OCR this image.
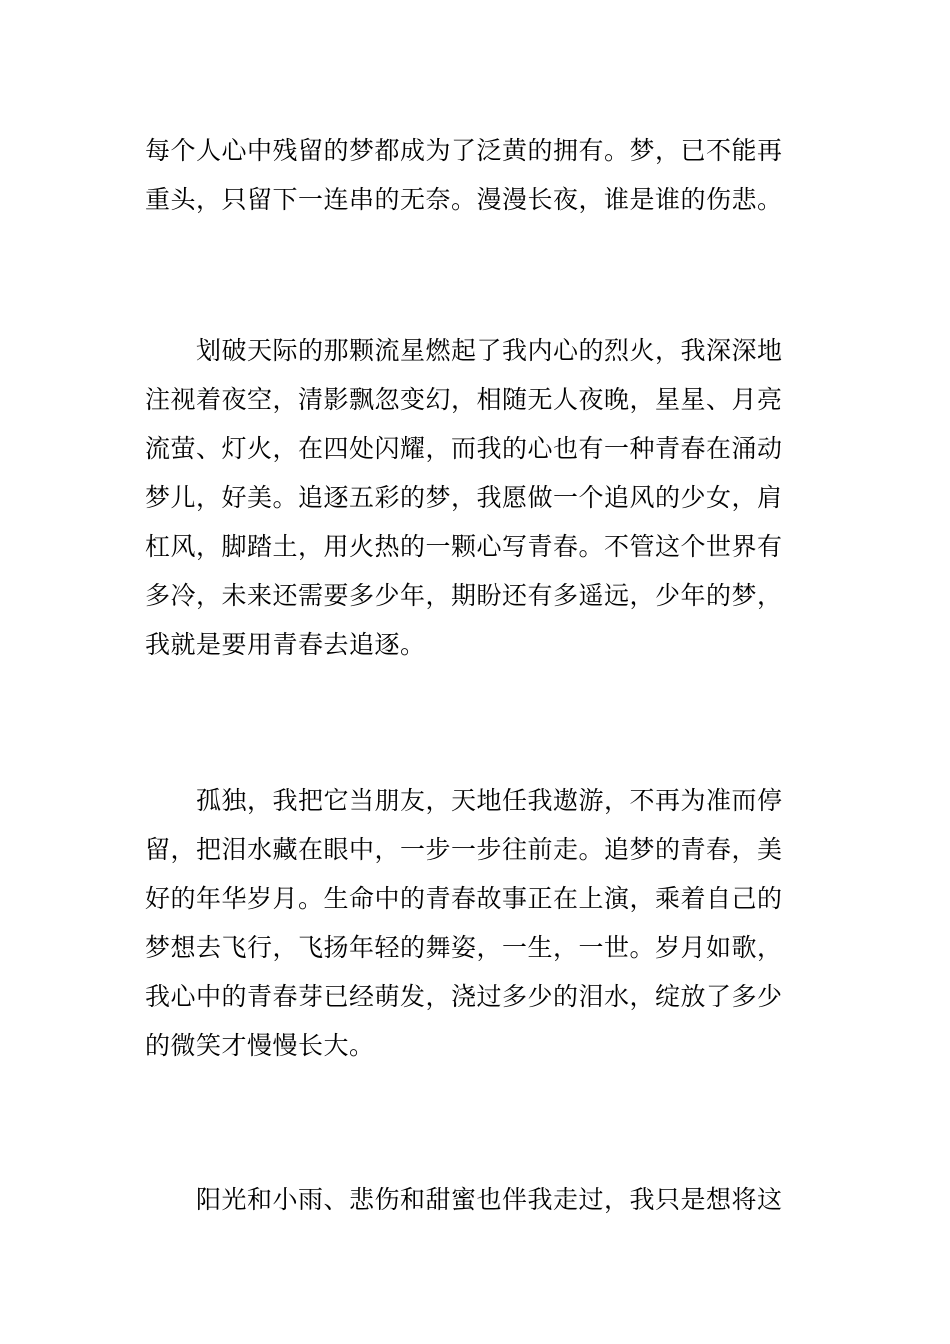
每个人心中残留的梦都成为了泛黄的拥有。梦，已不能再
重头，只留下一连串的无奈。漫漫长夜，谁是谁的伤悲。
　　划破天际的那颗流星燃起了我内心的烈火，我深深地
注视着夜空，清影飘忽变幻，相随无人夜晚，星星、月亮
流萤、灯火，在四处闪耀，而我的心也有一种青春在涌动
梦儿，好美。追逐五彩的梦，我愿做一个追风的少女，肩
杠风，脚踏土，用火热的一颗心写青春。不管这个世界有
多冷，未来还需要多少年，期盼还有多遥远，少年的梦，
我就是要用青春去追逐。
　　孤独，我把它当朋友，天地任我遨游，不再为准而停
留，把泪水藏在眼中，一步一步往前走。追梦的青春，美
好的年华岁月。生命中的青春故事正在上演，乘着自己的
梦想去飞行，飞扬年轻的舞姿，一生，一世。岁月如歌，
我心中的青春芽已经萌发，浇过多少的泪水，绽放了多少
的微笑才慢慢长大。
　　阳光和小雨、悲伤和甜蜜也伴我走过，我只是想将这
